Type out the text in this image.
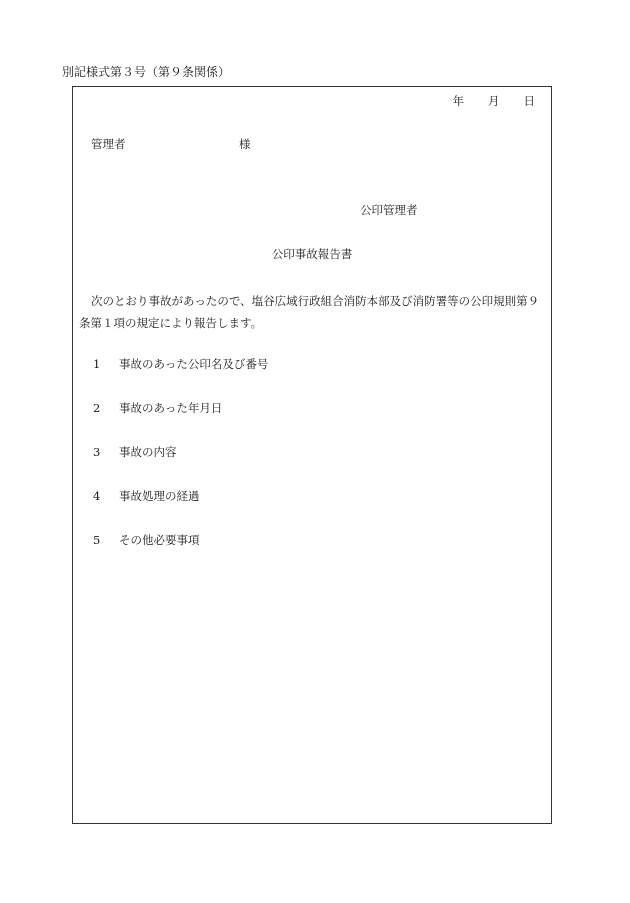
別記様式第３号（第９条関係）
年 月 日
管理者	様
公印管理者
公印事故報告書
次のとおり事故があったので、塩谷広域行政組合消防本部及び消防署等の公印規則第９条第１項の規定により報告します。
1 事故のあった公印名及び番号
2 事故のあった年月日
3 事故の内容
4 事故処理の経過
5 その他必要事項
